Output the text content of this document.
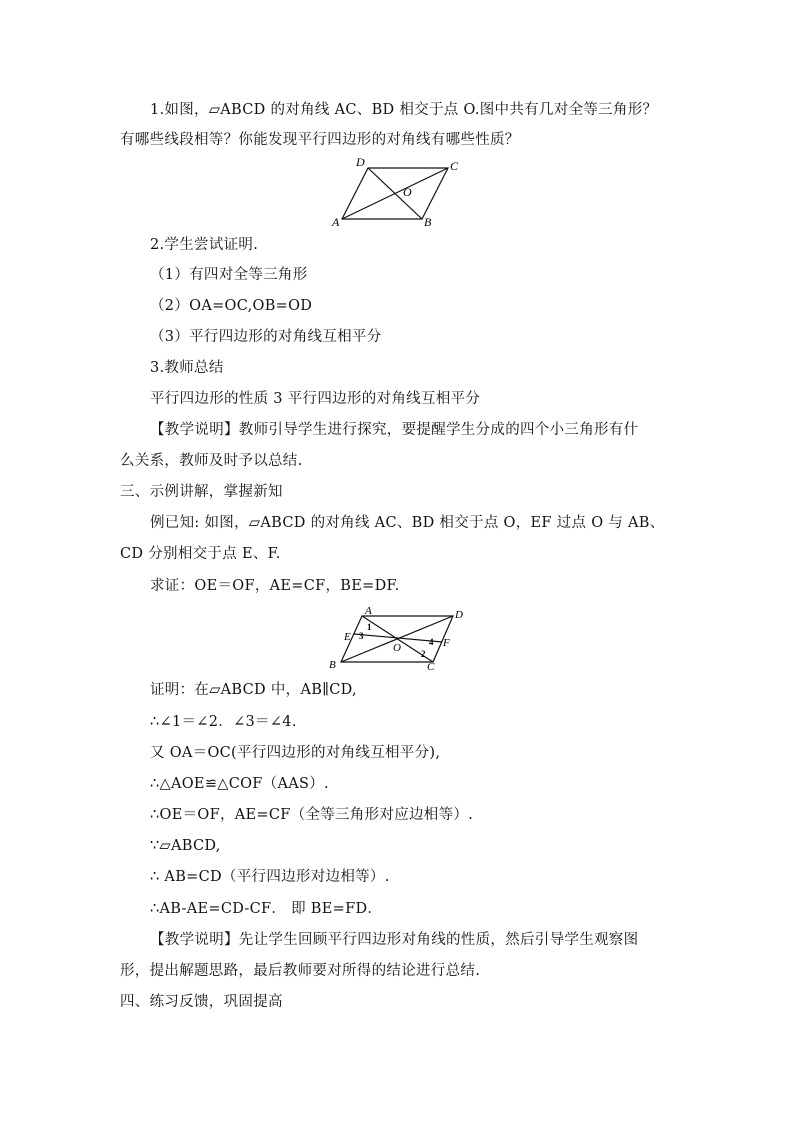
1.如图，▱ABCD 的对角线 AC、BD 相交于点 O.图中共有几对全等三角形？
有哪些线段相等？你能发现平行四边形的对角线有哪些性质？
A	B
C
D
O
2.学生尝试证明.
（1）有四对全等三角形
（2）OA=OC,OB=OD
（3）平行四边形的对角线互相平分
3.教师总结
平行四边形的性质 3 平行四边形的对角线互相平分
【教学说明】教师引导学生进行探究，要提醒学生分成的四个小三角形有什
么关系，教师及时予以总结.
三、示例讲解，掌握新知
例已知: 如图，▱ABCD 的对角线 AC、BD 相交于点 O，EF 过点 O 与 AB、
CD 分别相交于点 E、F.
求证：OE＝OF，AE=CF，BE=DF.
A	D
B	C
E	F
O
1
3
4
2
证明：在▱ABCD 中，AB∥CD,
∴∠1＝∠2．∠3＝∠4.
又 OA＝OC(平行四边形的对角线互相平分),
∴△AOE≌△COF（AAS）.
∴OE＝OF，AE=CF（全等三角形对应边相等）.
∵▱ABCD,
∴ AB=CD（平行四边形对边相等）.
∴AB-AE=CD-CF． 即 BE=FD．
【教学说明】先让学生回顾平行四边形对角线的性质，然后引导学生观察图
形，提出解题思路，最后教师要对所得的结论进行总结.
四、练习反馈，巩固提高
